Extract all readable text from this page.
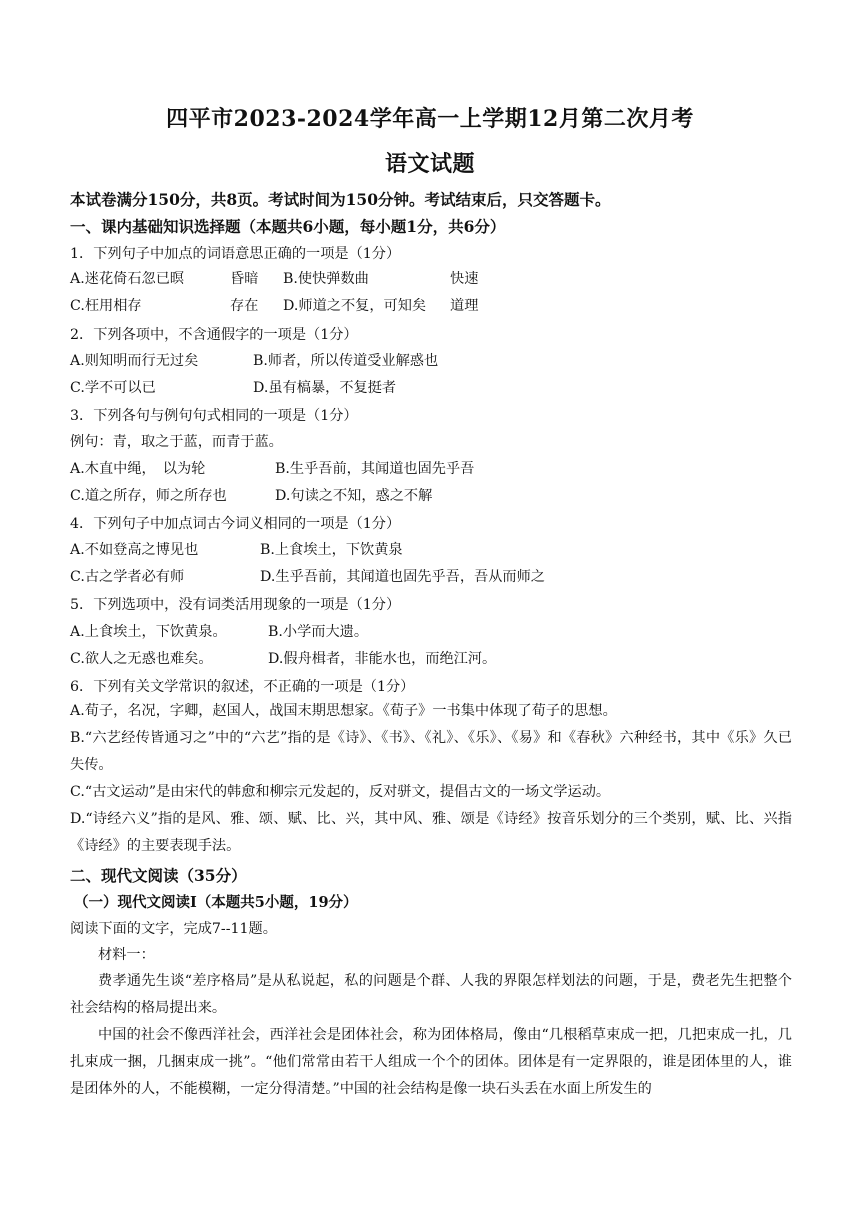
四平市2023-2024学年高一上学期12月第二次月考
语文试题
本试卷满分150分，共8页。考试时间为150分钟。考试结束后，只交答题卡。
一、课内基础知识选择题（本题共6小题，每小题1分，共6分）
1．下列句子中加点的词语意思正确的一项是（1分）
A.迷花倚石忽已暝	昏暗 B.使快弹数曲	快速
C.枉用相存	存在 D.师道之不复，可知矣 道理
2．下列各项中，不含通假字的一项是（1分）
A.则知明而行无过矣	B.师者，所以传道受业解惑也
C.学不可以已	D.虽有槁暴，不复挺者
3．下列各句与例句句式相同的一项是（1分）
例句：青，取之于蓝，而青于蓝。
A.木直中绳，　以为轮	B.生乎吾前，其闻道也固先乎吾
C.道之所存，师之所存也	D.句读之不知，惑之不解
4．下列句子中加点词古今词义相同的一项是（1分）
A.不如登高之博见也	B.上食埃土，下饮黄泉
C.古之学者必有师	D.生乎吾前，其闻道也固先乎吾，吾从而师之
5．下列选项中，没有词类活用现象的一项是（1分）
A.上食埃土，下饮黄泉。	B.小学而大遗。
C.欲人之无惑也难矣。	D.假舟楫者，非能水也，而绝江河。
6．下列有关文学常识的叙述，不正确的一项是（1分）
A.荀子，名况，字卿，赵国人，战国末期思想家。《荀子》一书集中体现了荀子的思想。
B.“六艺经传皆通习之”中的“六艺”指的是《诗》、《书》、《礼》、《乐》、《易》和《春秋》六种经书，其中《乐》久已失传。
C.“古文运动”是由宋代的韩愈和柳宗元发起的，反对骈文，提倡古文的一场文学运动。
D.“诗经六义”指的是风、雅、颂、赋、比、兴，其中风、雅、颂是《诗经》按音乐划分的三个类别，赋、比、兴指《诗经》的主要表现手法。
二、现代文阅读（35分）
（一）现代文阅读Ⅰ（本题共5小题，19分）
阅读下面的文字，完成7--11题。
材料一：
费孝通先生谈“差序格局”是从私说起，私的问题是个群、人我的界限怎样划法的问题，于是，费老先生把整个社会结构的格局提出来。
中国的社会不像西洋社会，西洋社会是团体社会，称为团体格局，像由“几根稻草束成一把，几把束成一扎，几扎束成一捆，几捆束成一挑”。“他们常常由若干人组成一个个的团体。团体是有一定界限的，谁是团体里的人，谁是团体外的人，不能模糊，一定分得清楚。”中国的社会结构是像一块石头丢在水面上所发生的
